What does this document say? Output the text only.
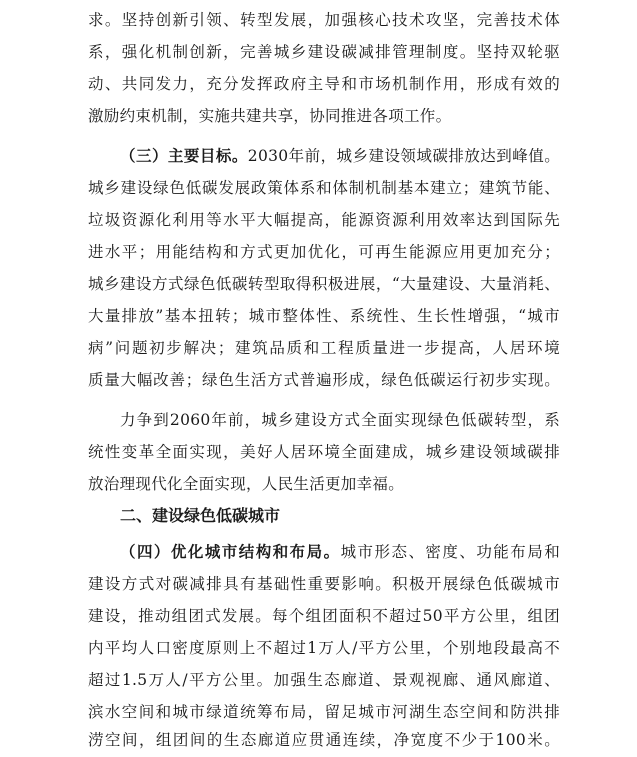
求。坚持创新引领、转型发展，加强核心技术攻坚，完善技术体
系，强化机制创新，完善城乡建设碳减排管理制度。坚持双轮驱
动、共同发力，充分发挥政府主导和市场机制作用，形成有效的
激励约束机制，实施共建共享，协同推进各项工作。
（三）主要目标。2030年前，城乡建设领域碳排放达到峰值。
城乡建设绿色低碳发展政策体系和体制机制基本建立；建筑节能、
垃圾资源化利用等水平大幅提高，能源资源利用效率达到国际先
进水平；用能结构和方式更加优化，可再生能源应用更加充分；
城乡建设方式绿色低碳转型取得积极进展，“大量建设、大量消耗、
大量排放”基本扭转；城市整体性、系统性、生长性增强，“城市
病”问题初步解决；建筑品质和工程质量进一步提高，人居环境
质量大幅改善；绿色生活方式普遍形成，绿色低碳运行初步实现。
力争到2060年前，城乡建设方式全面实现绿色低碳转型，系
统性变革全面实现，美好人居环境全面建成，城乡建设领域碳排
放治理现代化全面实现，人民生活更加幸福。
二、建设绿色低碳城市
（四）优化城市结构和布局。城市形态、密度、功能布局和
建设方式对碳减排具有基础性重要影响。积极开展绿色低碳城市
建设，推动组团式发展。每个组团面积不超过50平方公里，组团
内平均人口密度原则上不超过1万人/平方公里，个别地段最高不
超过1.5万人/平方公里。加强生态廊道、景观视廊、通风廊道、
滨水空间和城市绿道统筹布局，留足城市河湖生态空间和防洪排
涝空间，组团间的生态廊道应贯通连续，净宽度不少于100米。
